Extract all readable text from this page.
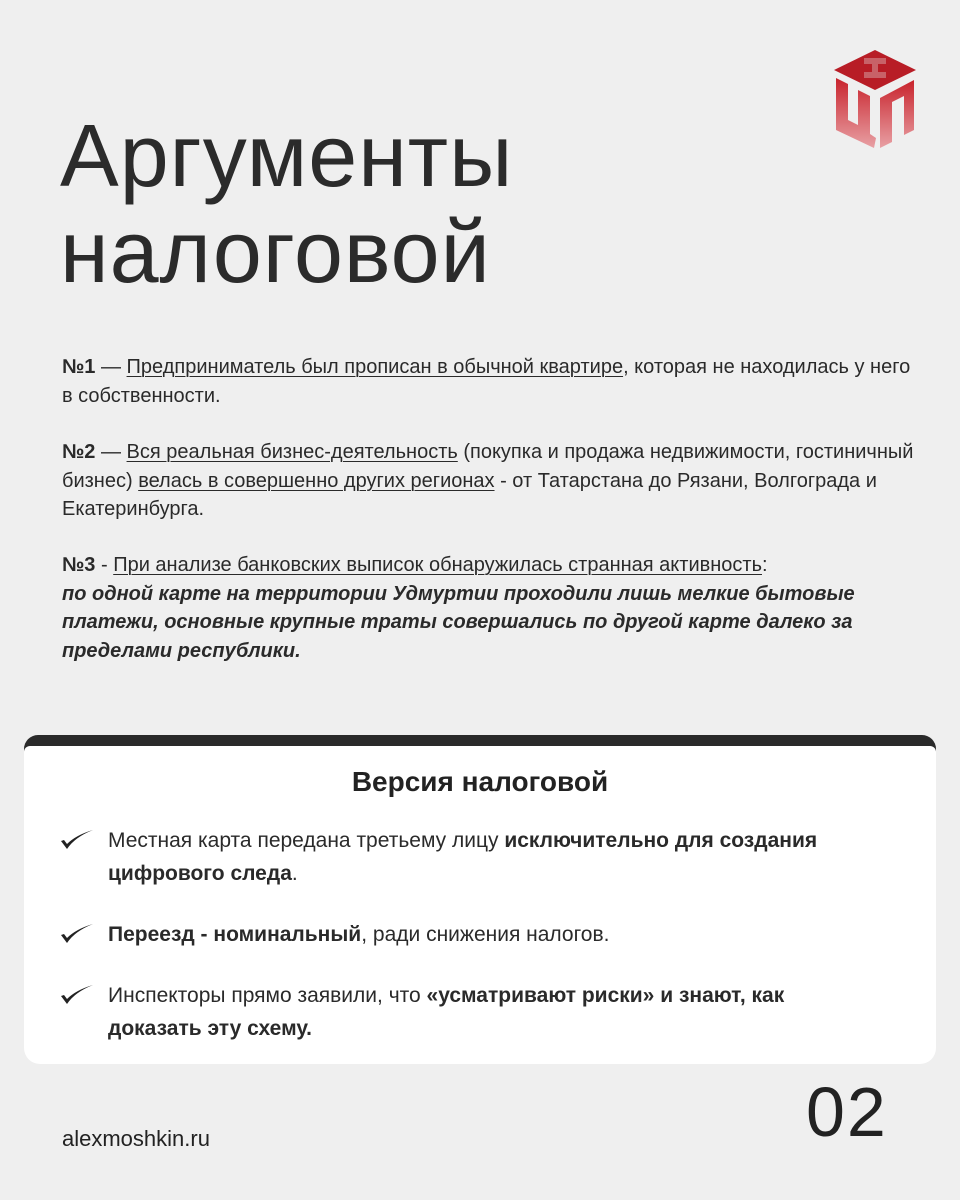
Аргументы
налоговой
№1 — Предприниматель был прописан в обычной квартире, которая не находилась у него в собственности.
№2 — Вся реальная бизнес-деятельность (покупка и продажа недвижимости, гостиничный бизнес) велась в совершенно других регионах - от Татарстана до Рязани, Волгограда и Екатеринбурга.
№3 - При анализе банковских выписок обнаружилась странная активность:
по одной карте на территории Удмуртии проходили лишь мелкие бытовые платежи, основные крупные траты совершались по другой карте далеко за пределами республики.
Версия налоговой
Местная карта передана третьему лицу исключительно для создания цифрового следа.
Переезд - номинальный, ради снижения налогов.
Инспекторы прямо заявили, что «усматривают риски» и знают, как доказать эту схему.
alexmoshkin.ru	02
